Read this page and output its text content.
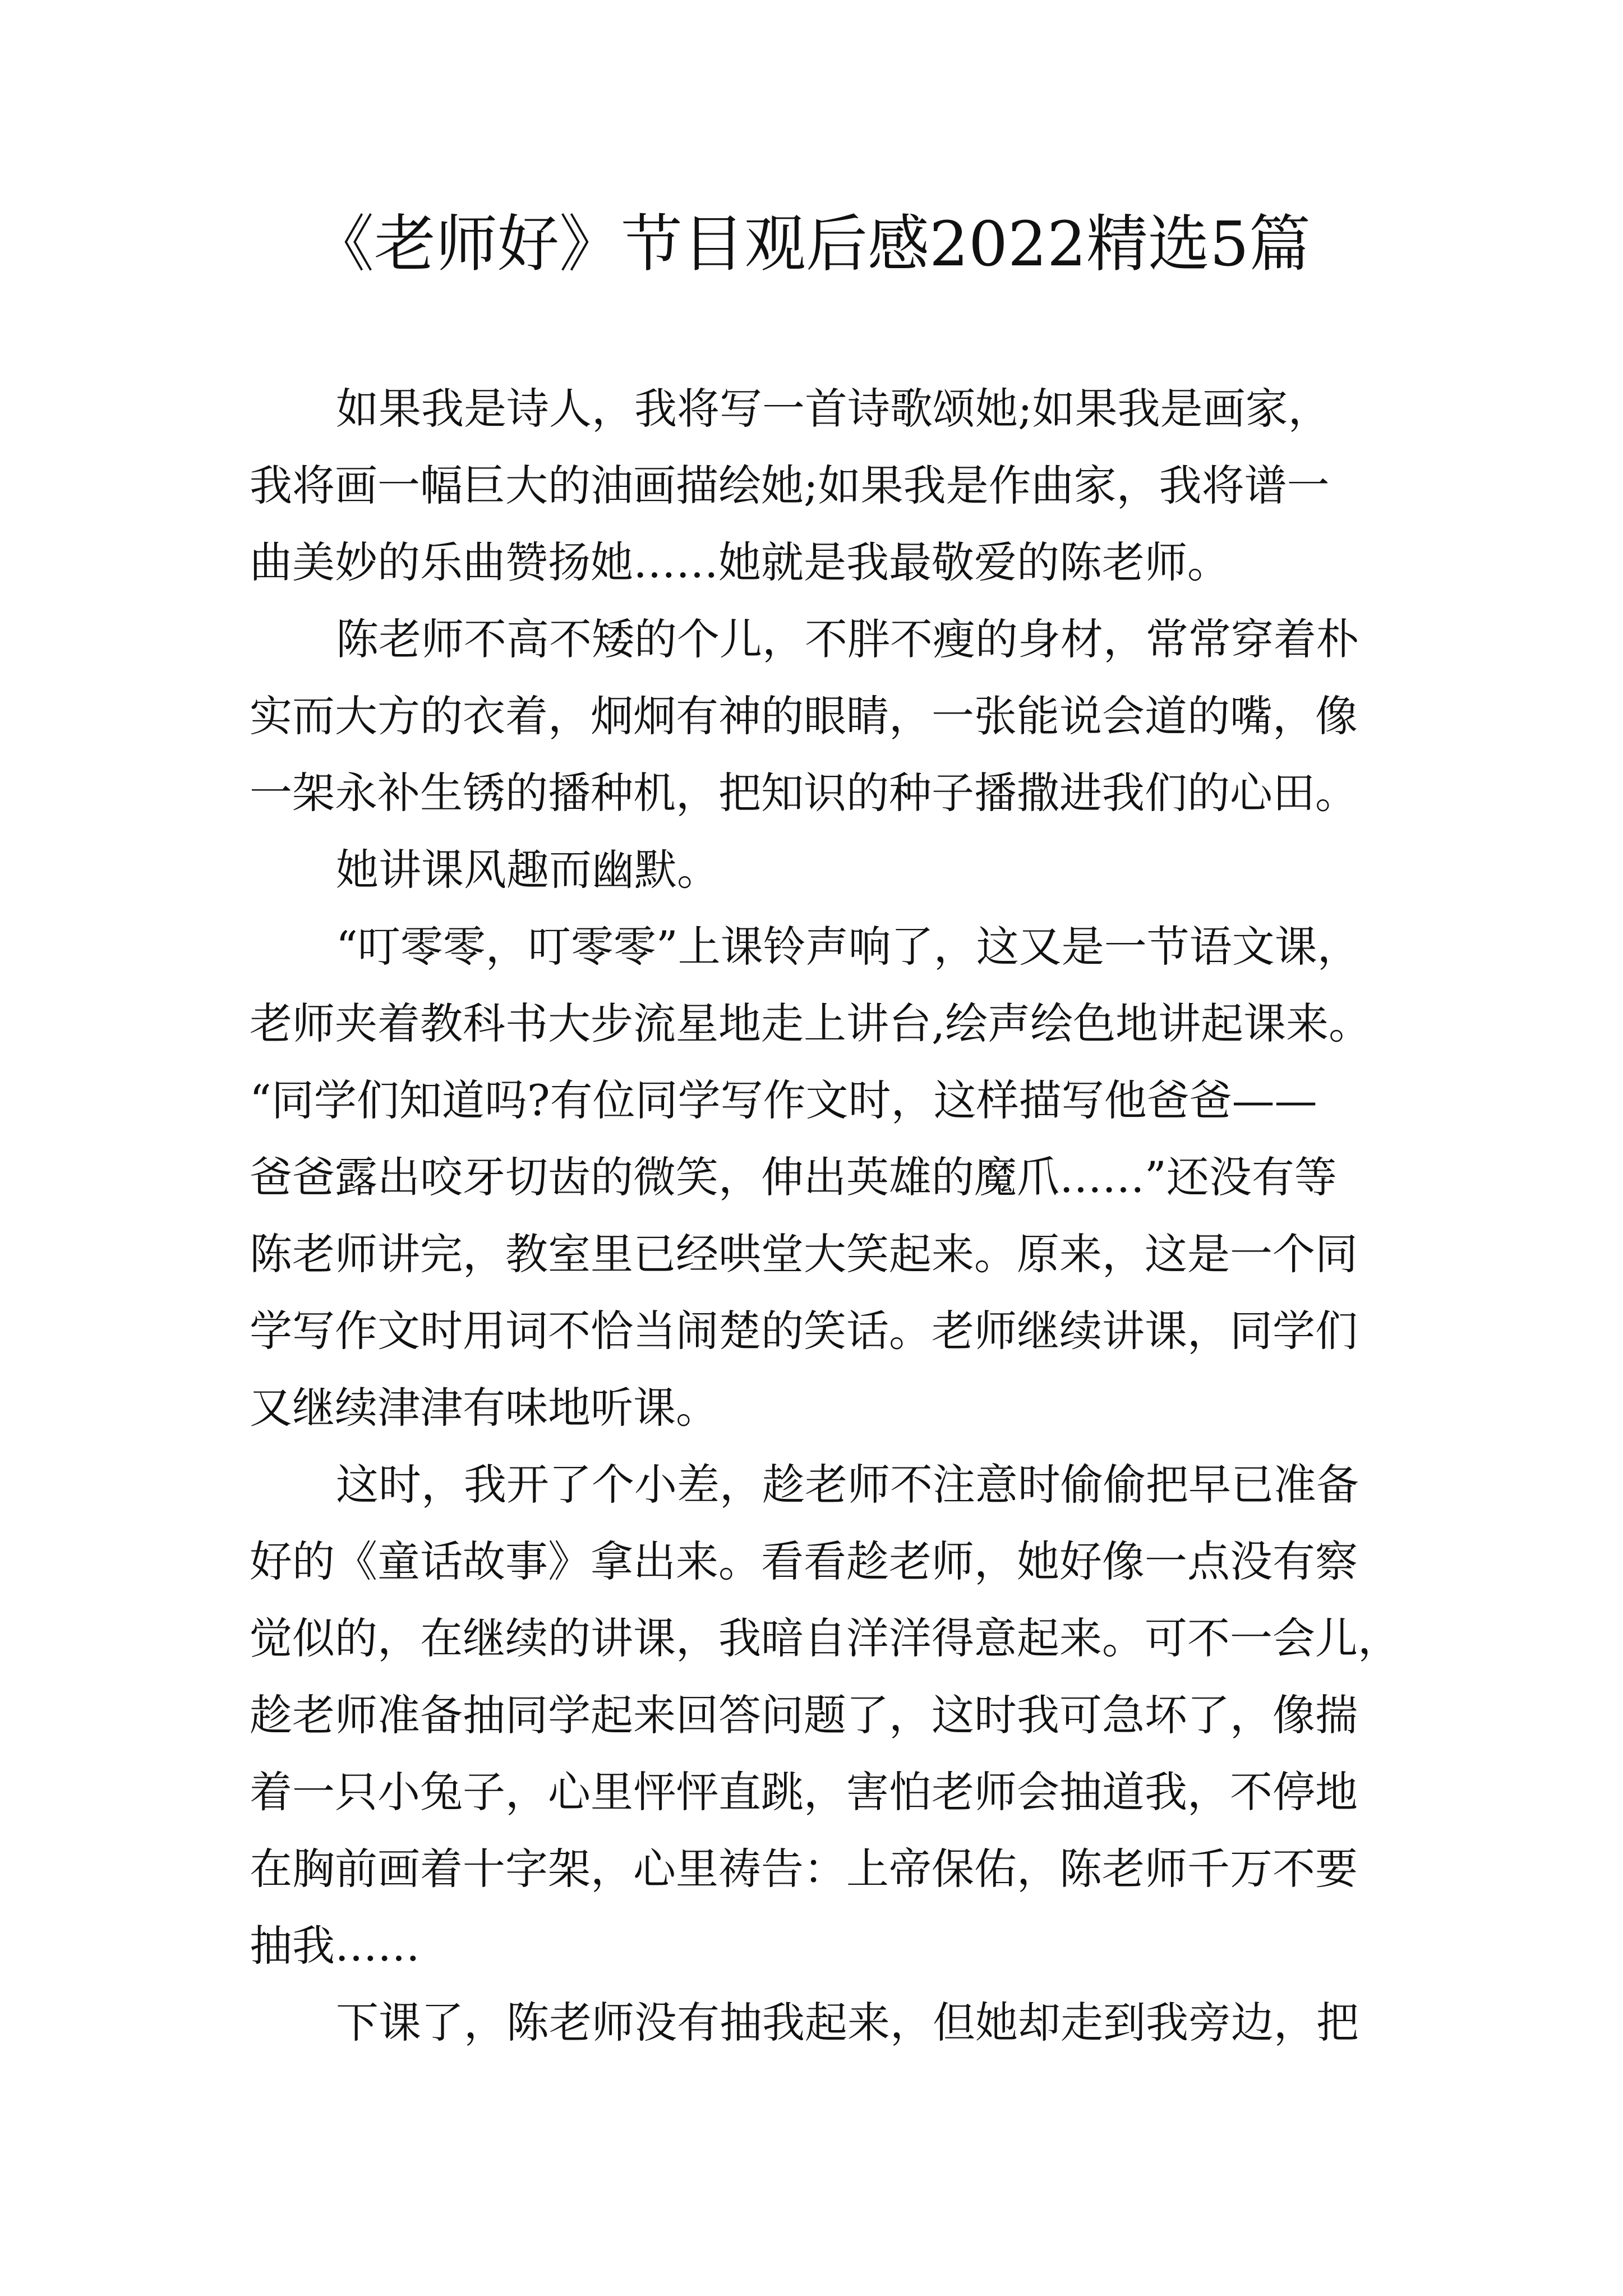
《老师好》节目观后感2022精选5篇

如果我是诗人，我将写一首诗歌颂她;如果我是画家，
我将画一幅巨大的油画描绘她;如果我是作曲家，我将谱一
曲美妙的乐曲赞扬她……她就是我最敬爱的陈老师。

陈老师不高不矮的个儿，不胖不瘦的身材，常常穿着朴
实而大方的衣着，炯炯有神的眼睛，一张能说会道的嘴，像
一架永补生锈的播种机，把知识的种子播撒进我们的心田。

她讲课风趣而幽默。

“叮零零，叮零零”上课铃声响了，这又是一节语文课，
老师夹着教科书大步流星地走上讲台,绘声绘色地讲起课来。
“同学们知道吗?有位同学写作文时，这样描写他爸爸——
爸爸露出咬牙切齿的微笑，伸出英雄的魔爪……”还没有等
陈老师讲完，教室里已经哄堂大笑起来。原来，这是一个同
学写作文时用词不恰当闹楚的笑话。老师继续讲课，同学们
又继续津津有味地听课。

这时，我开了个小差，趁老师不注意时偷偷把早已准备
好的《童话故事》拿出来。看看趁老师，她好像一点没有察
觉似的，在继续的讲课，我暗自洋洋得意起来。可不一会儿，
趁老师准备抽同学起来回答问题了，这时我可急坏了，像揣
着一只小兔子，心里怦怦直跳，害怕老师会抽道我，不停地
在胸前画着十字架，心里祷告：上帝保佑，陈老师千万不要
抽我……

下课了，陈老师没有抽我起来，但她却走到我旁边，把
